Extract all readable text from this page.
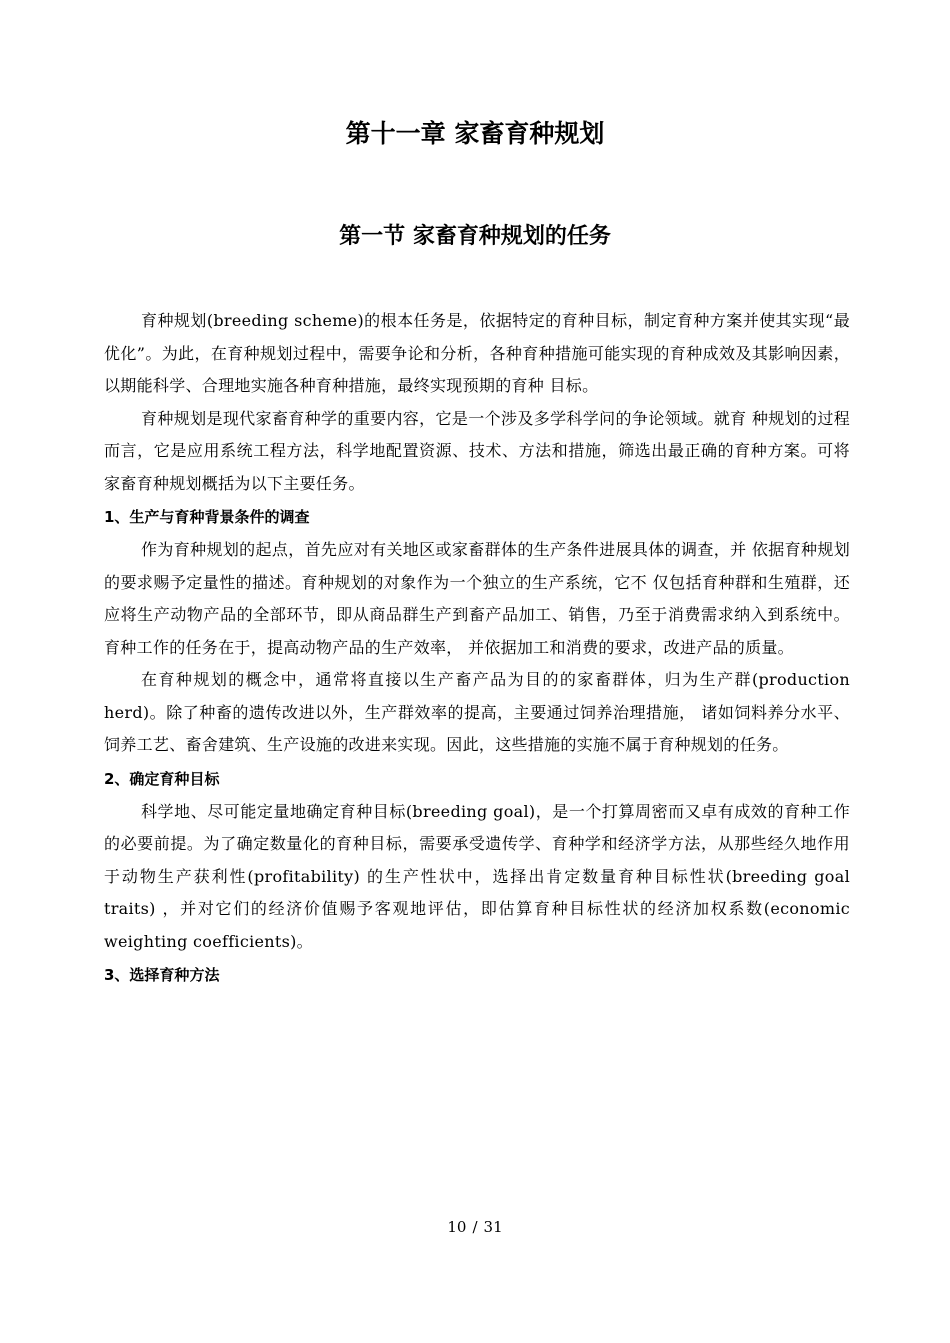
第十一章 家畜育种规划
第一节 家畜育种规划的任务

育种规划(breeding scheme)的根本任务是，依据特定的育种目标，制定育种方案并使其实现“最优化”。为此，在育种规划过程中，需要争论和分析，各种育种措施可能实现的育种成效及其影响因素，以期能科学、合理地实施各种育种措施，最终实现预期的育种 目标。

育种规划是现代家畜育种学的重要内容，它是一个涉及多学科学问的争论领域。就育 种规划的过程而言，它是应用系统工程方法，科学地配置资源、技术、方法和措施，筛选出最正确的育种方案。可将家畜育种规划概括为以下主要任务。

1、生产与育种背景条件的调查

作为育种规划的起点，首先应对有关地区或家畜群体的生产条件进展具体的调查，并 依据育种规划的要求赐予定量性的描述。育种规划的对象作为一个独立的生产系统，它不 仅包括育种群和生殖群，还应将生产动物产品的全部环节，即从商品群生产到畜产品加工、销售，乃至于消费需求纳入到系统中。育种工作的任务在于，提高动物产品的生产效率， 并依据加工和消费的要求，改进产品的质量。

在育种规划的概念中，通常将直接以生产畜产品为目的的家畜群体，归为生产群(production herd)。除了种畜的遗传改进以外，生产群效率的提高，主要通过饲养治理措施， 诸如饲料养分水平、饲养工艺、畜舍建筑、生产设施的改进来实现。因此，这些措施的实施不属于育种规划的任务。

2、确定育种目标

科学地、尽可能定量地确定育种目标(breeding goal)，是一个打算周密而又卓有成效的育种工作的必要前提。为了确定数量化的育种目标，需要承受遗传学、育种学和经济学方法，从那些经久地作用于动物生产获利性(profitability) 的生产性状中，选择出肯定数量育种目标性状(breeding goal traits) ，并对它们的经济价值赐予客观地评估，即估算育种目标性状的经济加权系数(economic weighting coefficients)。

3、选择育种方法

10 / 31
